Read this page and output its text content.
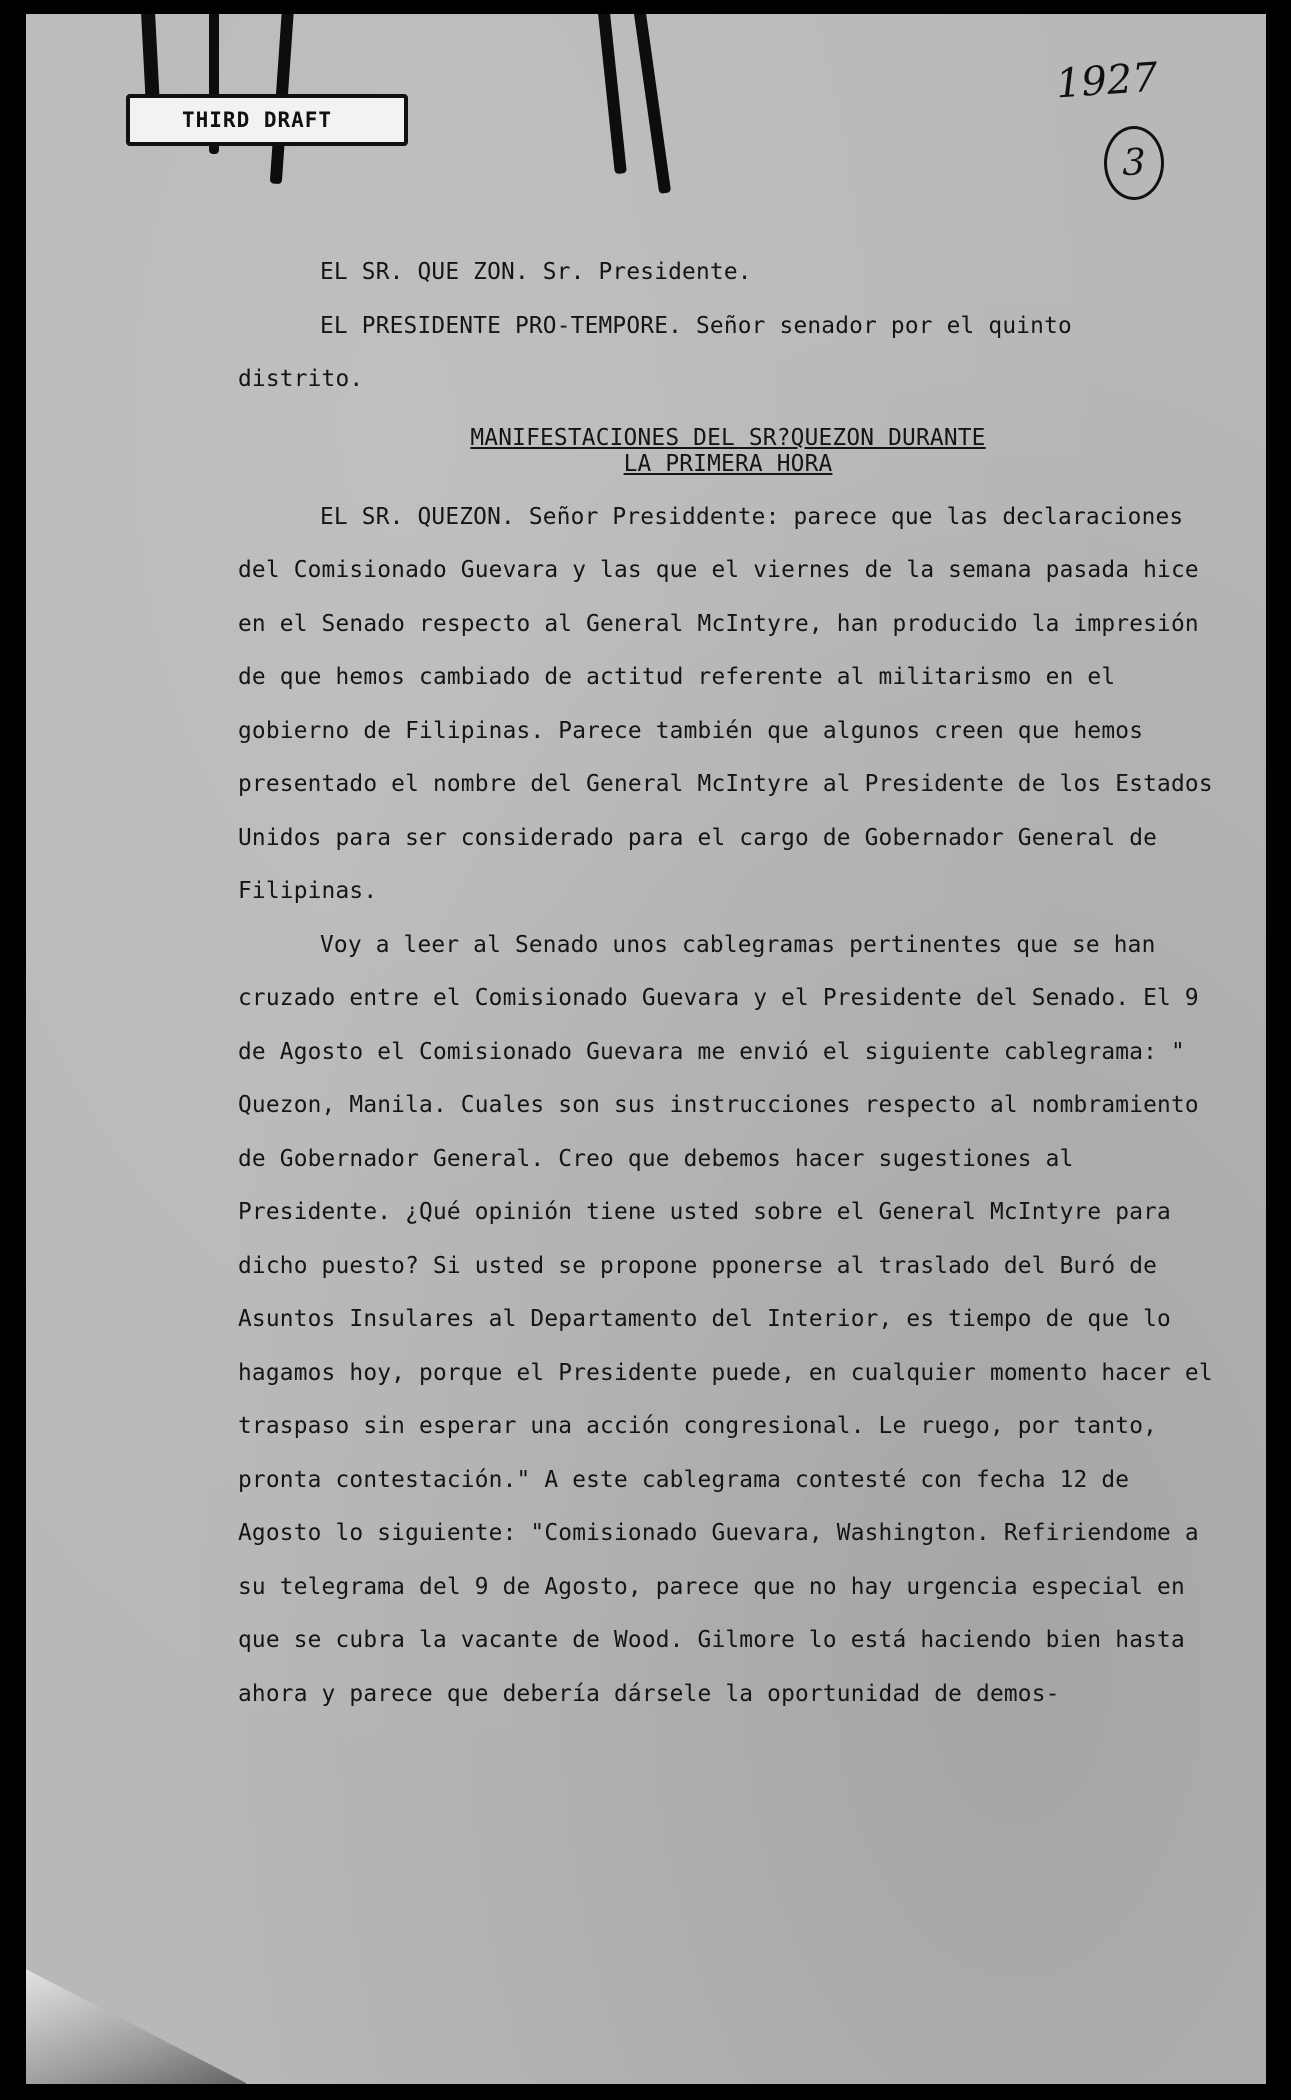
THIRD DRAFT
1927
3

EL SR. QUE ZON. Sr. Presidente.

EL PRESIDENTE PRO-TEMPORE. Señor senador por el quinto

distrito.

MANIFESTACIONES DEL SR?QUEZON DURANTE
LA PRIMERA HORA

EL SR. QUEZON. Señor Presiddente: parece que las declaraciones del Comisionado Guevara y las que el viernes de la semana pasada hice en el Senado respecto al General McIntyre, han producido la impresión de que hemos cambiado de actitud referente al militarismo en el gobierno de Filipinas. Parece también que algunos creen que hemos presentado el nombre del General McIntyre al Presidente de los Estados Unidos para ser considerado para el cargo de Gobernador General de Filipinas.

Voy a leer al Senado unos cablegramas pertinentes que se han cruzado entre el Comisionado Guevara y el Presidente del Senado. El 9 de Agosto el Comisionado Guevara me envió el siguiente cablegrama: " Quezon, Manila. Cuales son sus instrucciones respecto al nombramiento de Gobernador General. Creo que debemos hacer sugestiones al Presidente. ¿Qué opinión tiene usted sobre el General McIntyre para dicho puesto? Si usted se propone pponerse al traslado del Buró de Asuntos Insulares al Departamento del Interior, es tiempo de que lo hagamos hoy, porque el Presidente puede, en cualquier momento hacer el traspaso sin esperar una acción congresional. Le ruego, por tanto, pronta contestación." A este cablegrama contesté con fecha 12 de Agosto lo siguiente: "Comisionado Guevara, Washington. Refiriendome a su telegrama del 9 de Agosto, parece que no hay urgencia especial en que se cubra la vacante de Wood. Gilmore lo está haciendo bien hasta ahora y parece que debería dársele la oportunidad de demos-
